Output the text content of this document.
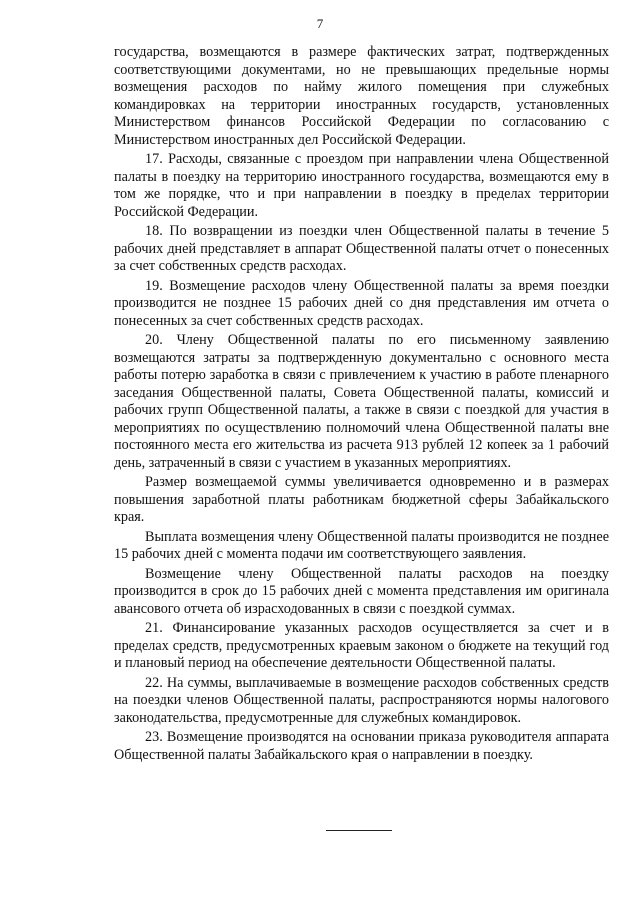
7

государства, возмещаются в размере фактических затрат, подтвержденных соответствующими документами, но не превышающих предельные нормы возмещения расходов по найму жилого помещения при служебных командировках на территории иностранных государств, установленных Министерством финансов Российской Федерации по согласованию с Министерством иностранных дел Российской Федерации.

17. Расходы, связанные с проездом при направлении члена Общественной палаты в поездку на территорию иностранного государства, возмещаются ему в том же порядке, что и при направлении в поездку в пределах территории Российской Федерации.

18. По возвращении из поездки член Общественной палаты в течение 5 рабочих дней представляет в аппарат Общественной палаты отчет о понесенных за счет собственных средств расходах.

19. Возмещение расходов члену Общественной палаты за время поездки производится не позднее 15 рабочих дней со дня представления им отчета о понесенных за счет собственных средств расходах.

20. Члену Общественной палаты по его письменному заявлению возмещаются затраты за подтвержденную документально с основного места работы потерю заработка в связи с привлечением к участию в работе пленарного заседания Общественной палаты, Совета Общественной палаты, комиссий и рабочих групп Общественной палаты, а также в связи с поездкой для участия в мероприятиях по осуществлению полномочий члена Общественной палаты вне постоянного места его жительства из расчета 913 рублей 12 копеек за 1 рабочий день, затраченный в связи с участием в указанных мероприятиях.

Размер возмещаемой суммы увеличивается одновременно и в размерах повышения заработной платы работникам бюджетной сферы Забайкальского края.

Выплата возмещения члену Общественной палаты производится не позднее 15 рабочих дней с момента подачи им соответствующего заявления.

Возмещение члену Общественной палаты расходов на поездку производится в срок до 15 рабочих дней с момента представления им оригинала авансового отчета об израсходованных в связи с поездкой суммах.

21. Финансирование указанных расходов осуществляется за счет и в пределах средств, предусмотренных краевым законом о бюджете на текущий год и плановый период на обеспечение деятельности Общественной палаты.

22. На суммы, выплачиваемые в возмещение расходов собственных средств на поездки членов Общественной палаты, распространяются нормы налогового законодательства, предусмотренные для служебных командировок.

23. Возмещение производятся на основании приказа руководителя аппарата Общественной палаты Забайкальского края о направлении в поездку.
